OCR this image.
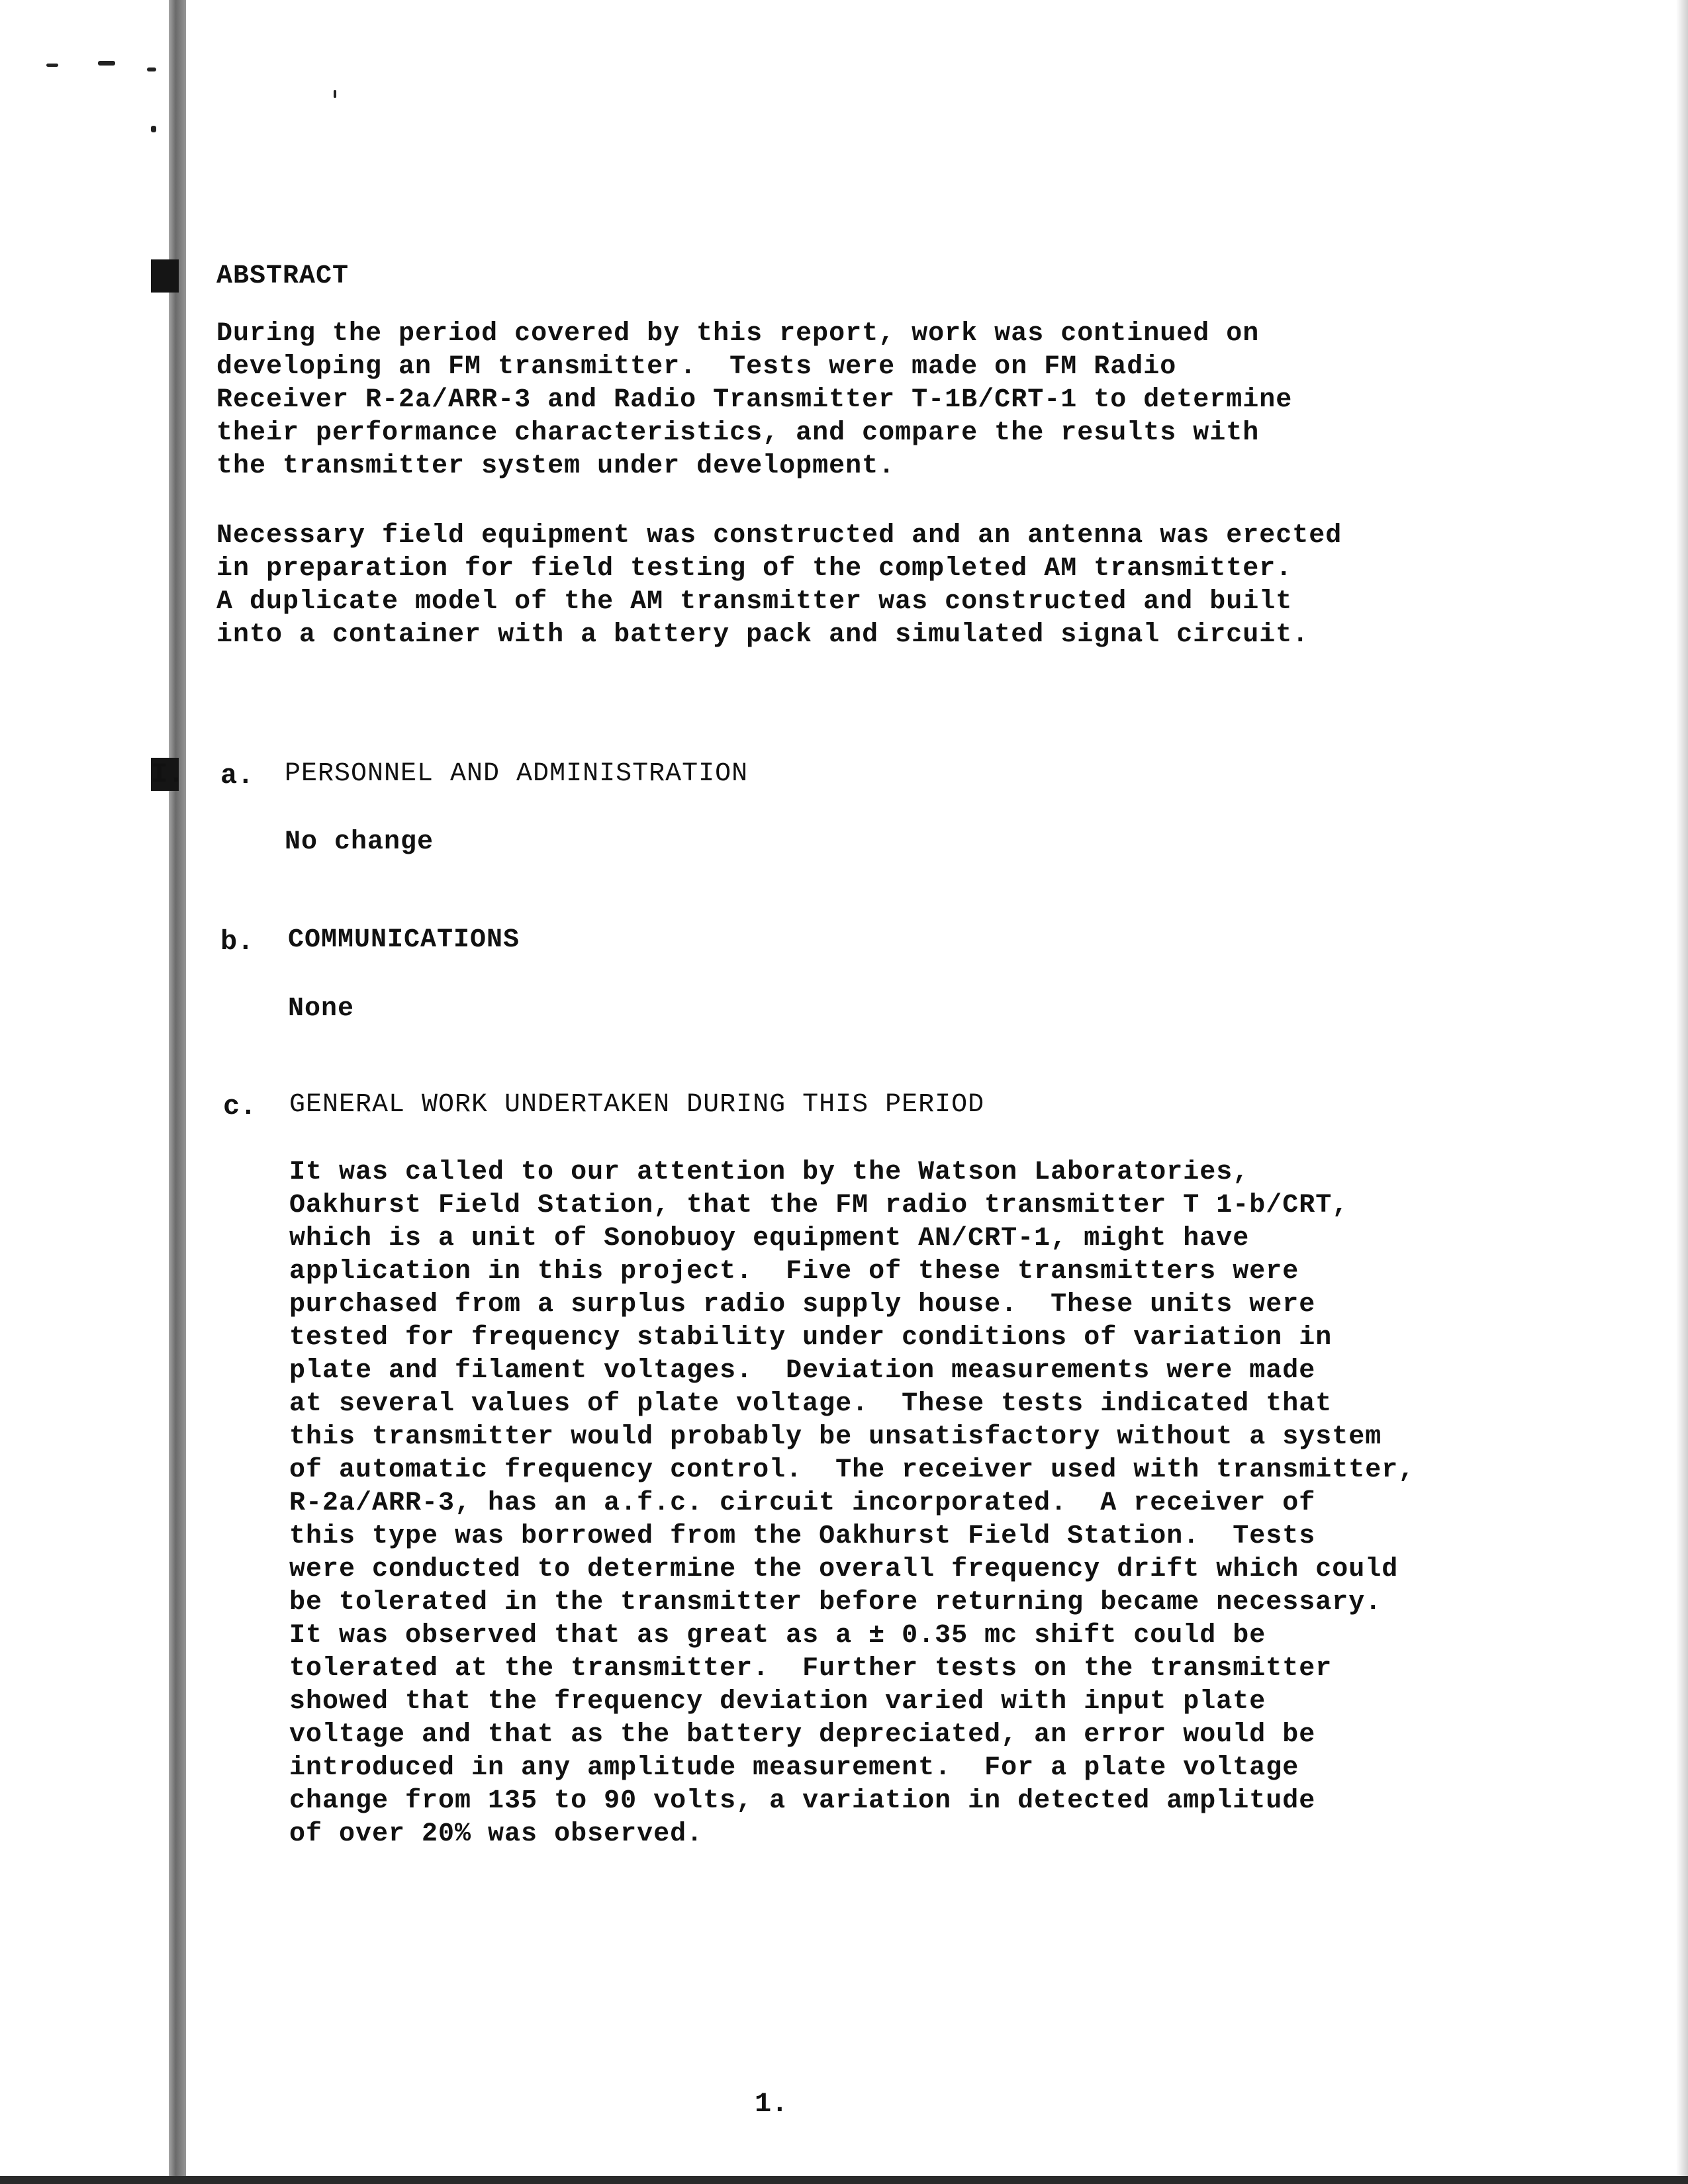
ABSTRACT
During the period covered by this report, work was continued on
developing an FM transmitter.  Tests were made on FM Radio
Receiver R-2a/ARR-3 and Radio Transmitter T-1B/CRT-1 to determine
their performance characteristics, and compare the results with
the transmitter system under development.
Necessary field equipment was constructed and an antenna was erected
in preparation for field testing of the completed AM transmitter.
A duplicate model of the AM transmitter was constructed and built
into a container with a battery pack and simulated signal circuit.
I. a. PERSONNEL AND ADMINISTRATION
No change
b. COMMUNICATIONS
None
c. GENERAL WORK UNDERTAKEN DURING THIS PERIOD
It was called to our attention by the Watson Laboratories,
Oakhurst Field Station, that the FM radio transmitter T 1-b/CRT,
which is a unit of Sonobuoy equipment AN/CRT-1, might have
application in this project.  Five of these transmitters were
purchased from a surplus radio supply house.  These units were
tested for frequency stability under conditions of variation in
plate and filament voltages.  Deviation measurements were made
at several values of plate voltage.  These tests indicated that
this transmitter would probably be unsatisfactory without a system
of automatic frequency control.  The receiver used with transmitter,
R-2a/ARR-3, has an a.f.c. circuit incorporated.  A receiver of
this type was borrowed from the Oakhurst Field Station.  Tests
were conducted to determine the overall frequency drift which could
be tolerated in the transmitter before returning became necessary.
It was observed that as great as a ± 0.35 mc shift could be
tolerated at the transmitter.  Further tests on the transmitter
showed that the frequency deviation varied with input plate
voltage and that as the battery depreciated, an error would be
introduced in any amplitude measurement.  For a plate voltage
change from 135 to 90 volts, a variation in detected amplitude
of over 20% was observed.
1.
